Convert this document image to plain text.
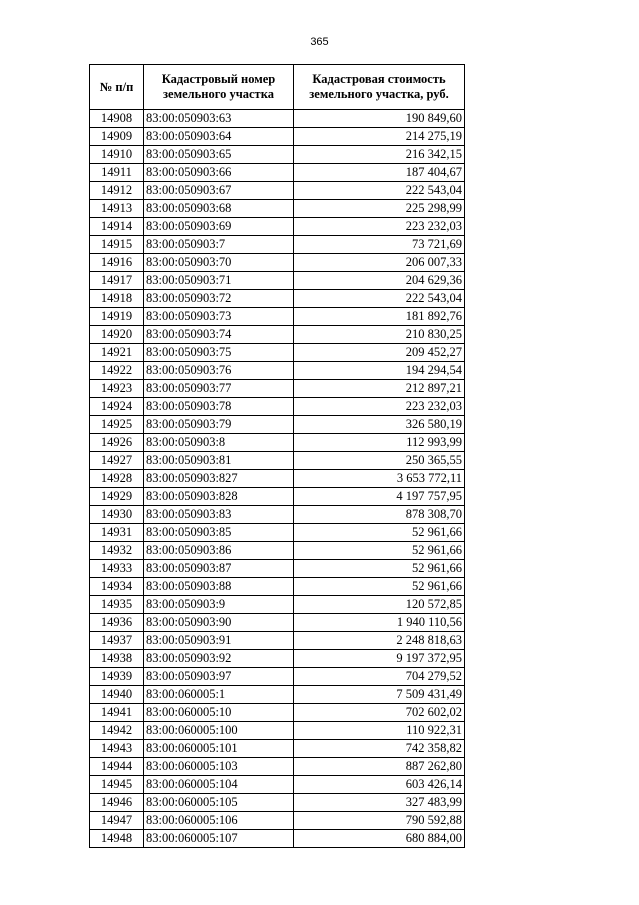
365
№ п/п	Кадастровый номер земельного участка	Кадастровая стоимость земельного участка, руб.
14908	83:00:050903:63	190 849,60
14909	83:00:050903:64	214 275,19
14910	83:00:050903:65	216 342,15
14911	83:00:050903:66	187 404,67
14912	83:00:050903:67	222 543,04
14913	83:00:050903:68	225 298,99
14914	83:00:050903:69	223 232,03
14915	83:00:050903:7	73 721,69
14916	83:00:050903:70	206 007,33
14917	83:00:050903:71	204 629,36
14918	83:00:050903:72	222 543,04
14919	83:00:050903:73	181 892,76
14920	83:00:050903:74	210 830,25
14921	83:00:050903:75	209 452,27
14922	83:00:050903:76	194 294,54
14923	83:00:050903:77	212 897,21
14924	83:00:050903:78	223 232,03
14925	83:00:050903:79	326 580,19
14926	83:00:050903:8	112 993,99
14927	83:00:050903:81	250 365,55
14928	83:00:050903:827	3 653 772,11
14929	83:00:050903:828	4 197 757,95
14930	83:00:050903:83	878 308,70
14931	83:00:050903:85	52 961,66
14932	83:00:050903:86	52 961,66
14933	83:00:050903:87	52 961,66
14934	83:00:050903:88	52 961,66
14935	83:00:050903:9	120 572,85
14936	83:00:050903:90	1 940 110,56
14937	83:00:050903:91	2 248 818,63
14938	83:00:050903:92	9 197 372,95
14939	83:00:050903:97	704 279,52
14940	83:00:060005:1	7 509 431,49
14941	83:00:060005:10	702 602,02
14942	83:00:060005:100	110 922,31
14943	83:00:060005:101	742 358,82
14944	83:00:060005:103	887 262,80
14945	83:00:060005:104	603 426,14
14946	83:00:060005:105	327 483,99
14947	83:00:060005:106	790 592,88
14948	83:00:060005:107	680 884,00
